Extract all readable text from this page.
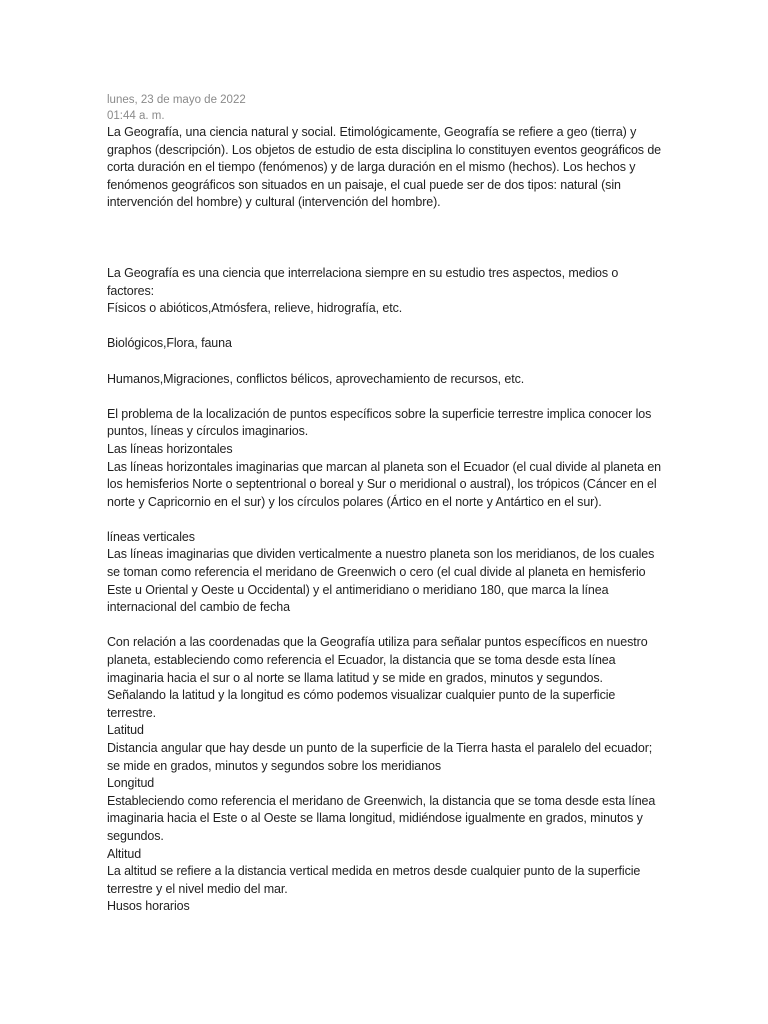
lunes, 23 de mayo de 2022
01:44 a. m.

La Geografía, una ciencia natural y social. Etimológicamente, Geografía se refiere a geo (tierra) y graphos (descripción). Los objetos de estudio de esta disciplina lo constituyen eventos geográficos de corta duración en el tiempo (fenómenos) y de larga duración en el mismo (hechos). Los hechos y fenómenos geográficos son situados en un paisaje, el cual puede ser de dos tipos: natural (sin intervención del hombre) y cultural (intervención del hombre).

La Geografía es una ciencia que interrelaciona siempre en su estudio tres aspectos, medios o factores:

Físicos o abióticos,Atmósfera, relieve, hidrografía, etc.

Biológicos,Flora, fauna

Humanos,Migraciones, conflictos bélicos, aprovechamiento de recursos, etc.

El problema de la localización de puntos específicos sobre la superficie terrestre implica conocer los puntos, líneas y círculos imaginarios.

Las líneas horizontales

Las líneas horizontales imaginarias que marcan al planeta son el Ecuador (el cual divide al planeta en los hemisferios Norte o septentrional o boreal y Sur o meridional o austral), los trópicos (Cáncer en el norte y Capricornio en el sur) y los círculos polares (Ártico en el norte y Antártico en el sur).

líneas verticales

Las líneas imaginarias que dividen verticalmente a nuestro planeta son los meridianos, de los cuales se toman como referencia el meridano de Greenwich o cero (el cual divide al planeta en hemisferio Este u Oriental y Oeste u Occidental) y el antimeridiano o meridiano 180, que marca la línea internacional del cambio de fecha

Con relación a las coordenadas que la Geografía utiliza para señalar puntos específicos en nuestro planeta, estableciendo como referencia el Ecuador, la distancia que se toma desde esta línea imaginaria hacia el sur o al norte se llama latitud y se mide en grados, minutos y segundos.

Señalando la latitud y la longitud es cómo podemos visualizar cualquier punto de la superficie terrestre.

Latitud

Distancia angular que hay desde un punto de la superficie de la Tierra hasta el paralelo del ecuador; se mide en grados, minutos y segundos sobre los meridianos

Longitud

Estableciendo como referencia el meridano de Greenwich, la distancia que se toma desde esta línea imaginaria hacia el Este o al Oeste se llama longitud, midiéndose igualmente en grados, minutos y segundos.

Altitud

La altitud se refiere a la distancia vertical medida en metros desde cualquier punto de la superficie terrestre y el nivel medio del mar.

Husos horarios
